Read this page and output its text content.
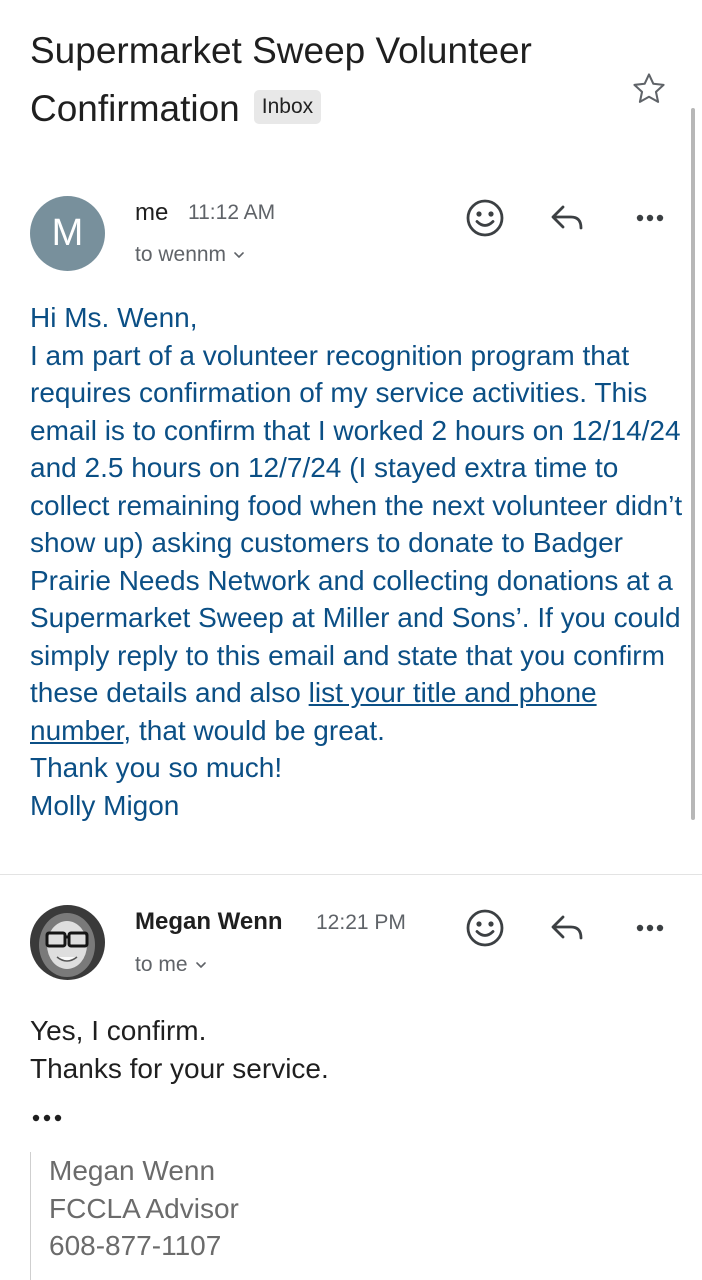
Supermarket Sweep Volunteer Confirmation Inbox
M	me 11:12 AM
to wennm

Hi Ms. Wenn,

I am part of a volunteer recognition program that requires confirmation of my service activities. This email is to confirm that I worked 2 hours on 12/14/24 and 2.5 hours on 12/7/24 (I stayed extra time to collect remaining food when the next volunteer didn’t show up) asking customers to donate to Badger Prairie Needs Network and collecting donations at a Supermarket Sweep at Miller and Sons’. If you could simply reply to this email and state that you confirm these details and also list your title and phone number, that would be great.

Thank you so much!

Molly Migon

Megan Wenn 12:21 PM
to me

Yes, I confirm.

Thanks for your service.

Megan Wenn

FCCLA Advisor

608-877-1107
